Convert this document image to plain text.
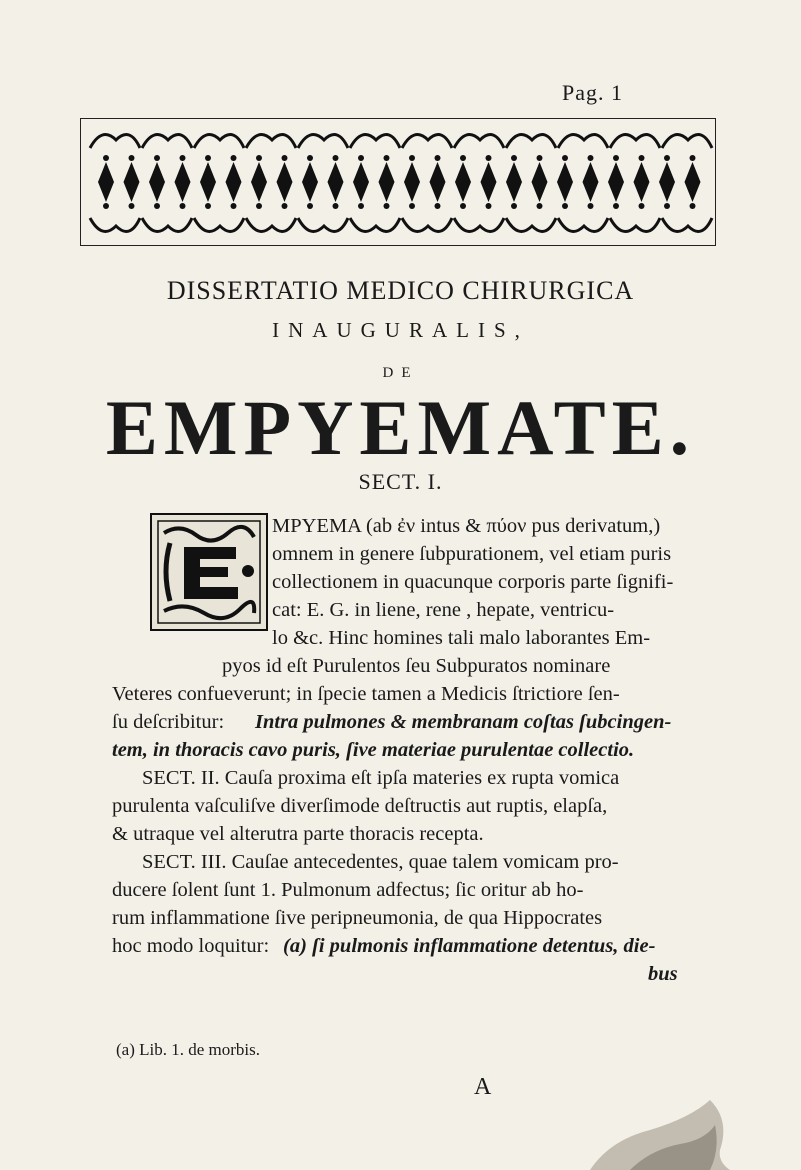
Pag. 1
DISSERTATIO MEDICO CHIRURGICA
INAUGURALIS,
DE
EMPYEMATE.
SECT. I.
MPYEMA (ab ἐν intus & πύον pus derivatum,)
omnem in genere ſubpurationem, vel etiam puris
collectionem in quacunque corporis parte ſignifi-
cat: E. G. in liene, rene , hepate, ventricu-
lo &c. Hinc homines tali malo laborantes Em-
pyos id eſt Purulentos ſeu Subpuratos nominare
Veteres confueverunt; in ſpecie tamen a Medicis ſtrictiore ſen-
ſu deſcribitur: Intra pulmones & membranam coſtas ſubcingen-
tem, in thoracis cavo puris, ſive materiae purulentae collectio.
SECT. II. Cauſa proxima eſt ipſa materies ex rupta vomica
purulenta vaſculiſve diverſimode deſtructis aut ruptis, elapſa,
& utraque vel alterutra parte thoracis recepta.
SECT. III. Cauſae antecedentes, quae talem vomicam pro-
ducere ſolent ſunt 1. Pulmonum adfectus; ſic oritur ab ho-
rum inflammatione ſive peripneumonia, de qua Hippocrates
hoc modo loquitur: (a) ſi pulmonis inflammatione detentus, die-
bus
(a) Lib. 1. de morbis.
A
